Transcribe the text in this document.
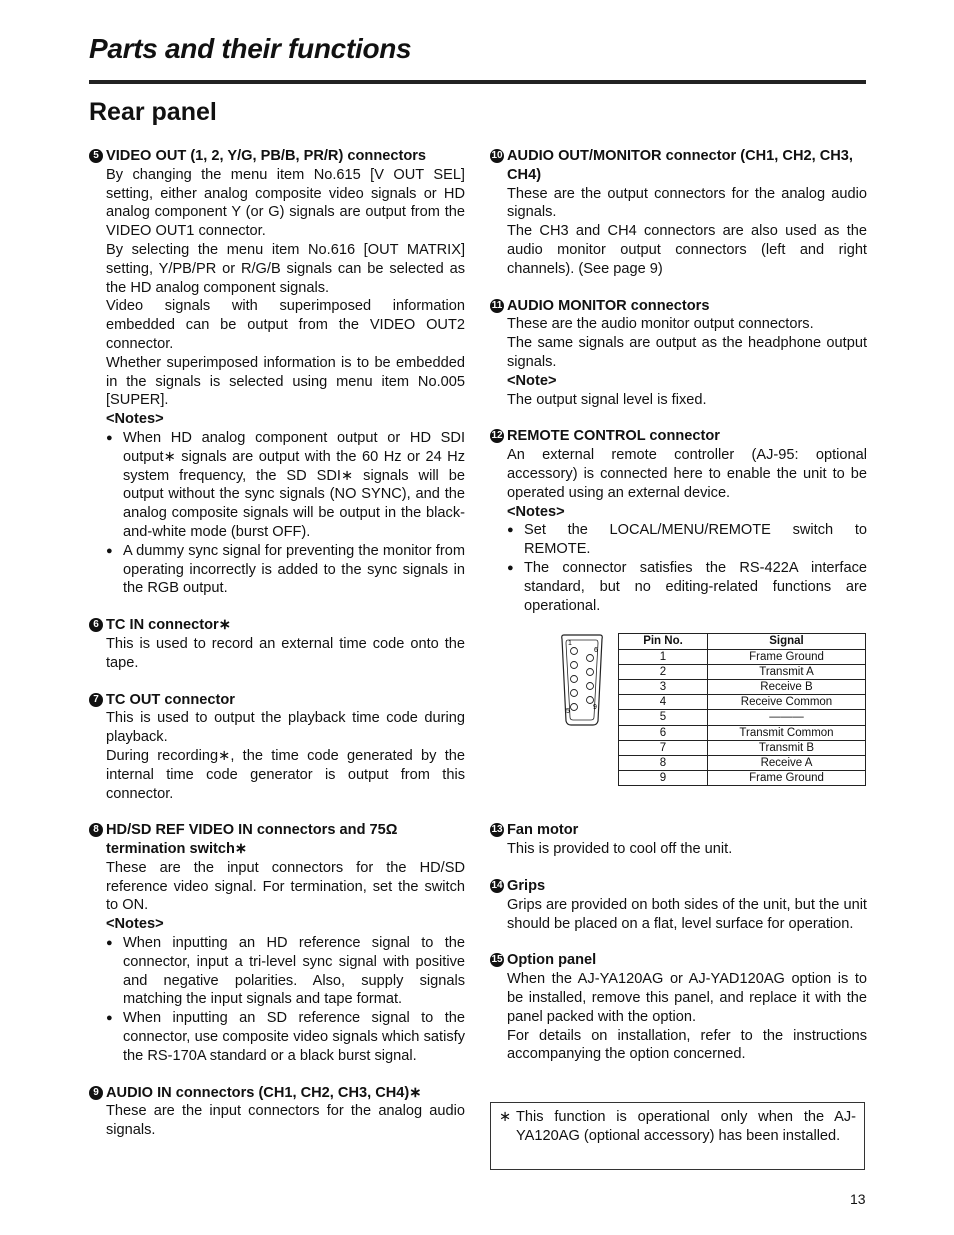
Parts and their functions
Rear panel
5 VIDEO OUT (1, 2, Y/G, PB/B, PR/R) connectors

By changing the menu item No.615 [V OUT SEL] setting, either analog composite video signals or HD analog component Y (or G) signals are output from the VIDEO OUT1 connector.

By selecting the menu item No.616 [OUT MATRIX] setting, Y/PB/PR or R/G/B signals can be selected as the HD analog component signals.

Video signals with superimposed information embedded can be output from the VIDEO OUT2 connector.

Whether superimposed information is to be embedded in the signals is selected using menu item No.005 [SUPER].

<Notes>
● When HD analog component output or HD SDI output∗ signals are output with the 60 Hz or 24 Hz system frequency, the SD SDI∗ signals will be output without the sync signals (NO SYNC), and the analog composite signals will be output in the black-and-white mode (burst OFF).
● A dummy sync signal for preventing the monitor from operating incorrectly is added to the sync signals in the RGB output.
6 TC IN connector∗

This is used to record an external time code onto the tape.

7 TC OUT connector

This is used to output the playback time code during playback.

During recording∗, the time code generated by the internal time code generator is output from this connector.

8 HD/SD REF VIDEO IN connectors and 75Ω termination switch∗

These are the input connectors for the HD/SD reference video signal. For termination, set the switch to ON.

<Notes>
● When inputting an HD reference signal to the connector, input a tri-level sync signal with positive and negative polarities. Also, supply signals matching the input signals and tape format.
● When inputting an SD reference signal to the connector, use composite video signals which satisfy the RS-170A standard or a black burst signal.
9 AUDIO IN connectors (CH1, CH2, CH3, CH4)∗

These are the input connectors for the analog audio signals.

10 AUDIO OUT/MONITOR connector (CH1, CH2, CH3, CH4)

These are the output connectors for the analog audio signals.

The CH3 and CH4 connectors are also used as the audio monitor output connectors (left and right channels). (See page 9)

11 AUDIO MONITOR connectors

These are the audio monitor output connectors.

The same signals are output as the headphone output signals.

<Note>

The output signal level is fixed.

12 REMOTE CONTROL connector

An external remote controller (AJ-95: optional accessory) is connected here to enable the unit to be operated using an external device.

<Notes>
● Set the LOCAL/MENU/REMOTE switch to REMOTE.
● The connector satisfies the RS-422A interface standard, but no editing-related functions are operational.
1
6
5
9
Pin No.	Signal
1	Frame Ground
2	Transmit A
3	Receive B
4	Receive Common
5	———
6	Transmit Common
7	Transmit B
8	Receive A
9	Frame Ground
13 Fan motor

This is provided to cool off the unit.

14 Grips

Grips are provided on both sides of the unit, but the unit should be placed on a flat, level surface for operation.

15 Option panel

When the AJ-YA120AG or AJ-YAD120AG option is to be installed, remove this panel, and replace it with the panel packed with the option.

For details on installation, refer to the instructions accompanying the option concerned.

∗ This function is operational only when the AJ-YA120AG (optional accessory) has been installed.
13
